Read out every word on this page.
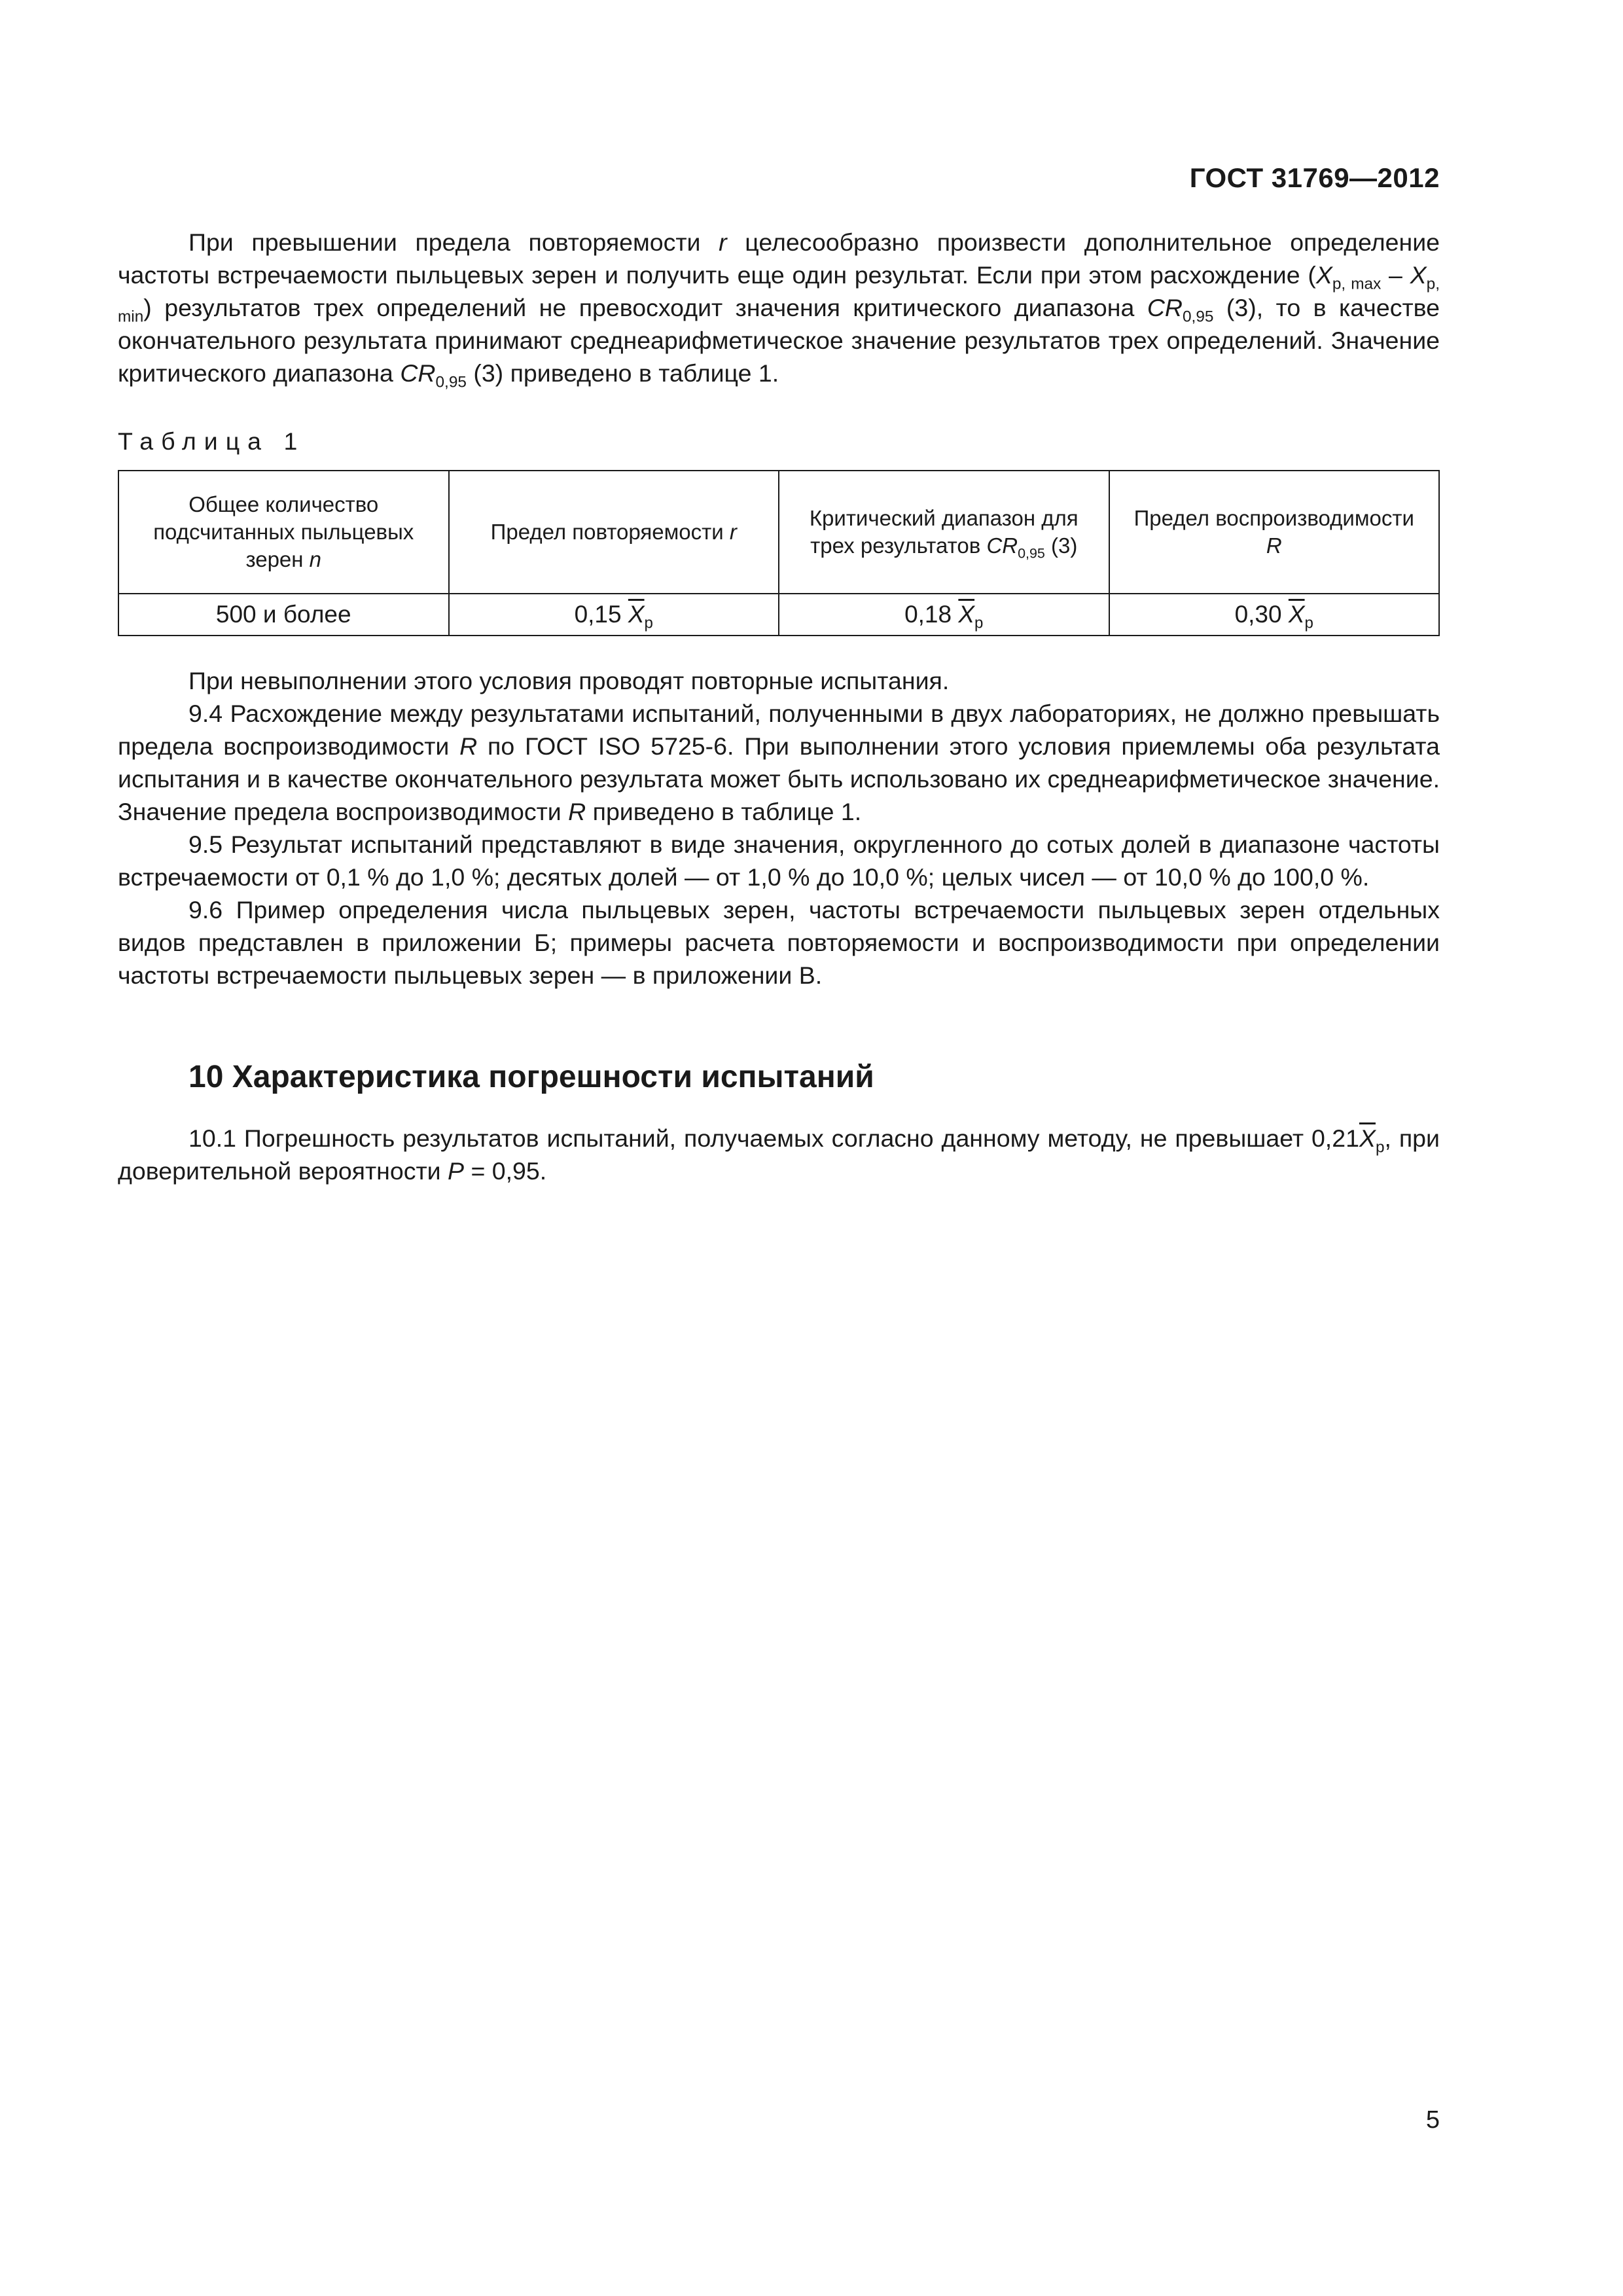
ГОСТ 31769—2012

При превышении предела повторяемости r целесообразно произвести дополнительное определение частоты встречаемости пыльцевых зерен и получить еще один результат. Если при этом расхождение $(X_{p, max} - X_{p, min})$ результатов трех определений не превосходит значения критического диапазона $CR_{0,95}$ (3), то в качестве окончательного результата принимают среднеарифметическое значение результатов трех определений. Значение критического диапазона $CR_{0,95}$ (3) приведено в таблице 1.

Таблица 1
Общее количество подсчитанных пыльцевых зерен n	Предел повторяемости r	Критический диапазон для трех результатов $CR_{0,95}$ (3)	Предел воспроизводимости R
500 и более	0,15 $\overline{X}_p$	0,18 $\overline{X}_p$	0,30 $\overline{X}_p$

При невыполнении этого условия проводят повторные испытания.

9.4 Расхождение между результатами испытаний, полученными в двух лабораториях, не должно превышать предела воспроизводимости R по ГОСТ ISO 5725-6. При выполнении этого условия приемлемы оба результата испытания и в качестве окончательного результата может быть использовано их среднеарифметическое значение. Значение предела воспроизводимости R приведено в таблице 1.

9.5 Результат испытаний представляют в виде значения, округленного до сотых долей в диапазоне частоты встречаемости от 0,1 % до 1,0 %; десятых долей — от 1,0 % до 10,0 %; целых чисел — от 10,0 % до 100,0 %.

9.6 Пример определения числа пыльцевых зерен, частоты встречаемости пыльцевых зерен отдельных видов представлен в приложении Б; примеры расчета повторяемости и воспроизводимости при определении частоты встречаемости пыльцевых зерен — в приложении В.

10 Характеристика погрешности испытаний

10.1 Погрешность результатов испытаний, получаемых согласно данному методу, не превышает $0,21\overline{X}_p$, при доверительной вероятности P = 0,95.

5
